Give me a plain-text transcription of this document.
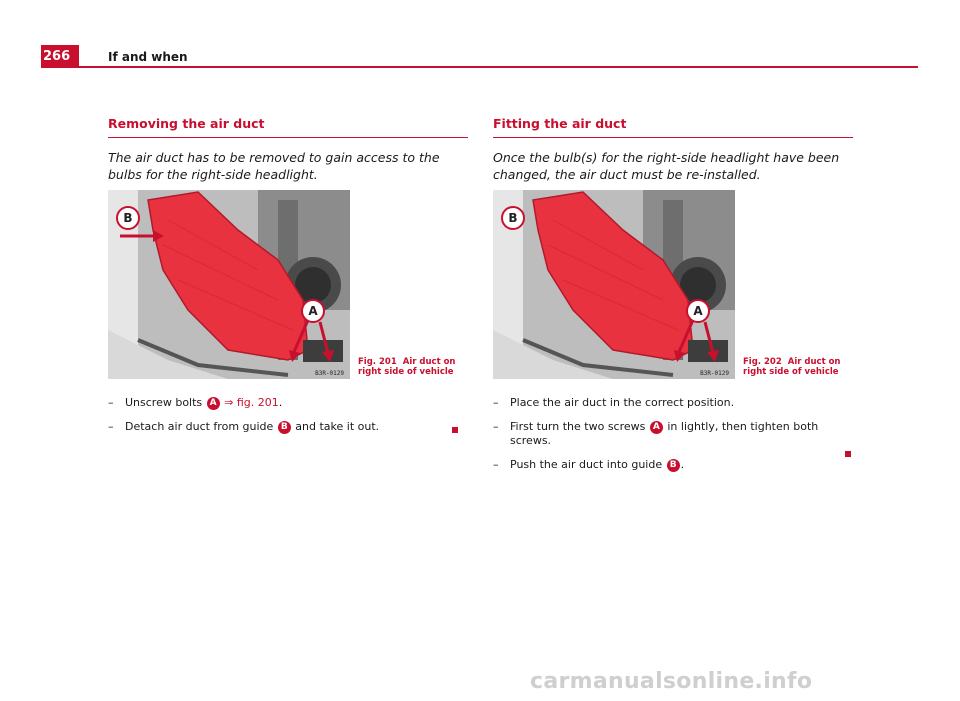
266	If and when
Removing the air duct

The air duct has to be removed to gain access to the bulbs for the right-side headlight.

B
A
B3R-0129
Fig. 201 Air duct on right side of vehicle
– Unscrew bolts A ⇒ fig. 201.
– Detach air duct from guide B and take it out.
Fitting the air duct

Once the bulb(s) for the right-side headlight have been changed, the air duct must be re-installed.

B
A
B3R-0129
Fig. 202 Air duct on right side of vehicle
– Place the air duct in the correct position.
– First turn the two screws A in lightly, then tighten both screws.
– Push the air duct into guide B .
carmanualsonline.info
